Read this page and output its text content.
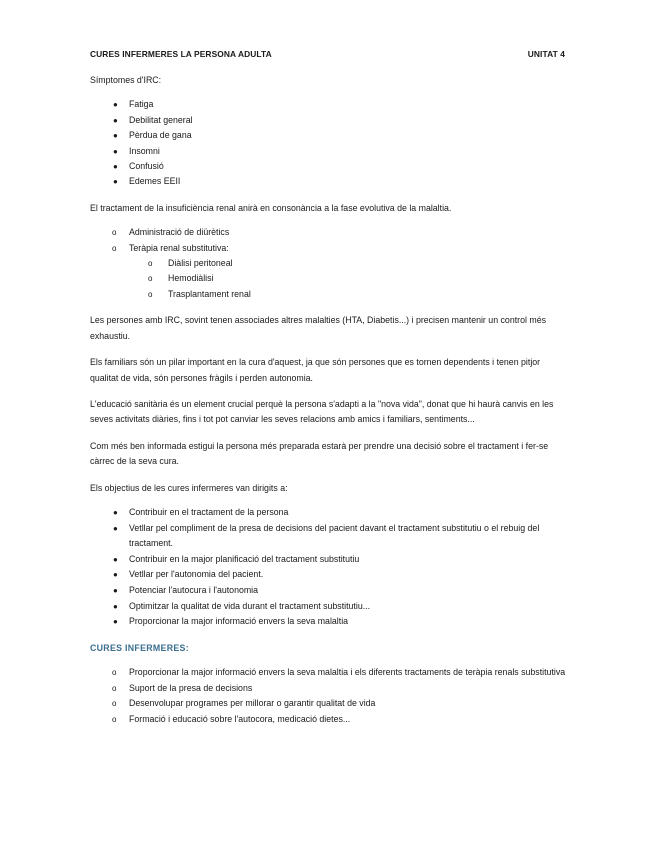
CURES INFERMERES LA PERSONA ADULTA	UNITAT 4

Símptomes d'IRC:

● Fatiga
● Debilitat general
● Pèrdua de gana
● Insomni
● Confusió
● Edemes EEII

El tractament de la insuficiència renal anirà en consonància a la fase evolutiva de la malaltia.

o Administració de diürètics
o Teràpia renal substitutiva:
o Diàlisi peritoneal
o Hemodiàlisi
o Trasplantament renal

Les persones amb IRC, sovint tenen associades altres malalties (HTA, Diabetis...) i precisen mantenir un control més exhaustiu.

Els familiars són un pilar important en la cura d'aquest, ja que són persones que es tornen dependents i tenen pitjor qualitat de vida, són persones fràgils i perden autonomia.

L'educació sanitària és un element crucial perquè la persona s'adapti a la "nova vida", donat que hi haurà canvis en les seves activitats diàries, fins i tot pot canviar les seves relacions amb amics i familiars, sentiments...

Com més ben informada estigui la persona més preparada estarà per prendre una decisió sobre el tractament i fer-se càrrec de la seva cura.

Els objectius de les cures infermeres van dirigits a:

● Contribuir en el tractament de la persona
● Vetllar pel compliment de la presa de decisions del pacient davant el tractament substitutiu o el rebuig del tractament.
● Contribuir en la major planificació del tractament substitutiu
● Vetllar per l'autonomia del pacient.
● Potenciar l'autocura i l'autonomia
● Optimitzar la qualitat de vida durant el tractament substitutiu...
● Proporcionar la major informació envers la seva malaltia

CURES INFERMERES:

o Proporcionar la major informació envers la seva malaltia i els diferents tractaments de teràpia renals substitutiva
o Suport de la presa de decisions
o Desenvolupar programes per millorar o garantir qualitat de vida
o Formació i educació sobre l'autocora, medicació dietes...
